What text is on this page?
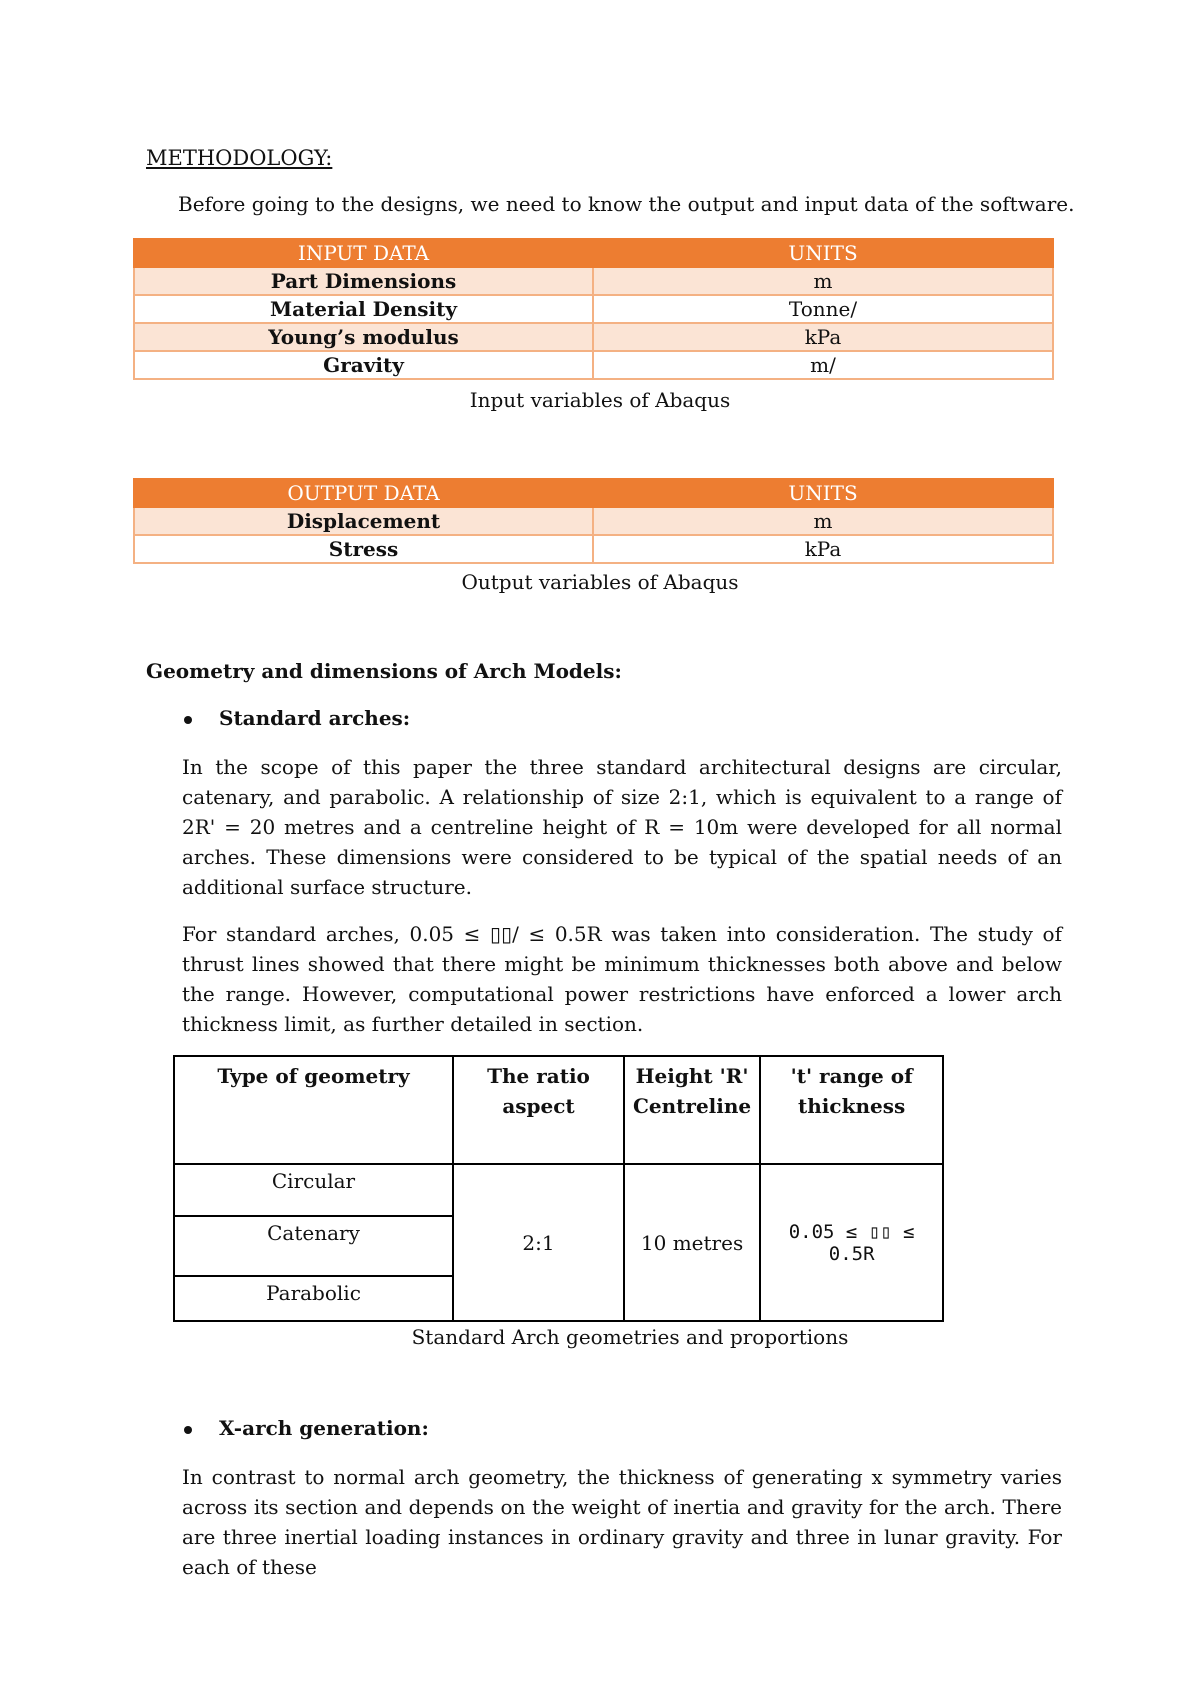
METHODOLOGY:

Before going to the designs, we need to know the output and input data of the software.

INPUT DATA	UNITS
Part Dimensions	m
Material Density	Tonne/
Young’s modulus	kPa
Gravity	m/

Input variables of Abaqus

OUTPUT DATA	UNITS
Displacement	m
Stress	kPa

Output variables of Abaqus

Geometry and dimensions of Arch Models:

Standard arches:

In the scope of this paper the three standard architectural designs are circular, catenary, and parabolic. A relationship of size 2:1, which is equivalent to a range of 2R' = 20 metres and a centreline height of R = 10m were developed for all normal arches. These dimensions were considered to be typical of the spatial needs of an additional surface structure.

For standard arches, 0.05 ≤ ▯▯/ ≤ 0.5R was taken into consideration. The study of thrust lines showed that there might be minimum thicknesses both above and below the range. However, computational power restrictions have enforced a lower arch thickness limit, as further detailed in section.

Type of geometry	The ratio aspect	Height 'R' Centreline	't' range of thickness
Circular	2:1	10 metres	0.05 ≤ ▯▯ ≤ 0.5R
Catenary			
Parabolic			

Standard Arch geometries and proportions

X-arch generation:

In contrast to normal arch geometry, the thickness of generating x symmetry varies across its section and depends on the weight of inertia and gravity for the arch. There are three inertial loading instances in ordinary gravity and three in lunar gravity. For each of these
